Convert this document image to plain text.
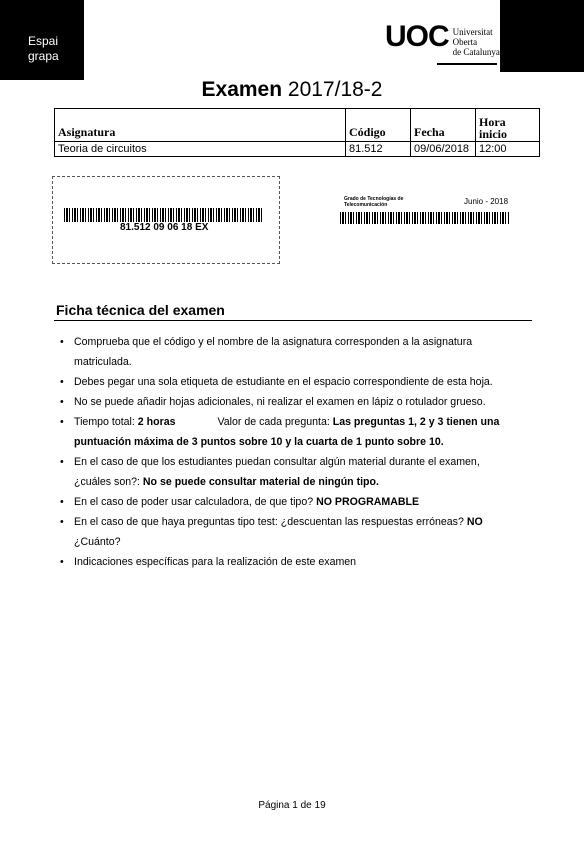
Espai
grapa
UOC Universitat
Oberta
de Catalunya
Examen 2017/18-2
Asignatura	Código	Fecha	Hora
inicio
Teoria de circuitos	81.512	09/06/2018	12:00
81.512 09 06 18 EX
Grado de Tecnologías de
Telecomunicación	Junio - 2018
Ficha técnica del examen
• Comprueba que el código y el nombre de la asignatura corresponden a la asignatura matriculada.
• Debes pegar una sola etiqueta de estudiante en el espacio correspondiente de esta hoja.
• No se puede añadir hojas adicionales, ni realizar el examen en lápiz o rotulador grueso.
• Tiempo total: 2 horas	Valor de cada pregunta: Las preguntas 1, 2 y 3 tienen una puntuación máxima de 3 puntos sobre 10 y la cuarta de 1 punto sobre 10.
• En el caso de que los estudiantes puedan consultar algún material durante el examen, ¿cuáles son?: No se puede consultar material de ningún tipo.
• En el caso de poder usar calculadora, de que tipo? NO PROGRAMABLE
• En el caso de que haya preguntas tipo test: ¿descuentan las respuestas erróneas? NO
¿Cuánto?
• Indicaciones específicas para la realización de este examen
Página 1 de 19
